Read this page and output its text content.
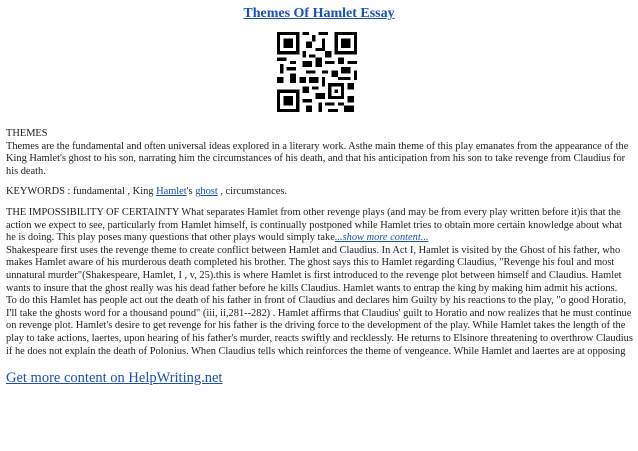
Themes Of Hamlet Essay

THEMES

Themes are the fundamental and often universal ideas explored in a literary work. Asthe main theme of this play emanates from the appearance of the King Hamlet's ghost to his son, narrating him the circumstances of his death, and that his anticipation from his son to take revenge from Claudius for his death.

KEYWORDS : fundamental , King Hamlet's ghost , circumstances.

THE IMPOSSIBILITY OF CERTAINTY What separates Hamlet from other revenge plays (and may be from every play written before it)is that the action we expect to see, particularly from Hamlet himself, is continually postponed while Hamlet tries to obtain more certain knowledge about what he is doing. This play poses many questions that other plays would simply take...show more content...

Shakespeare first uses the revenge theme to create conflict between Hamlet and Claudius. In Act I, Hamlet is visited by the Ghost of his father, who makes Hamlet aware of his murderous death completed his brother. The ghost says this to Hamlet regarding Claudius, "Revenge his foul and most unnatural murder"(Shakespeare, Hamlet, I , v, 25).this is where Hamlet is first introduced to the revenge plot between himself and Claudius. Hamlet wants to insure that the ghost really was his dead father before he kills Claudius. Hamlet wants to entrap the king by making him admit his actions.

To do this Hamlet has people act out the death of his father in front of Claudius and declares him Guilty by his reactions to the play, "o good Horatio, I'll take the ghosts word for a thousand pound" (iii, ii,281--282) . Hamlet affirms that Claudius' guilt to Horatio and now realizes that he must continue on revenge plot. Hamlet's desire to get revenge for his father is the driving force to the development of the play. While Hamlet takes the length of the play to take actions, laertes, upon hearing of his father's murder, reacts swiftly and recklessly. He returns to Elsinore threatening to overthrow Claudius if he does not explain the death of Polonius. When Claudius tells which reinforces the theme of vengeance. While Hamlet and laertes are at opposing

Get more content on HelpWriting.net
